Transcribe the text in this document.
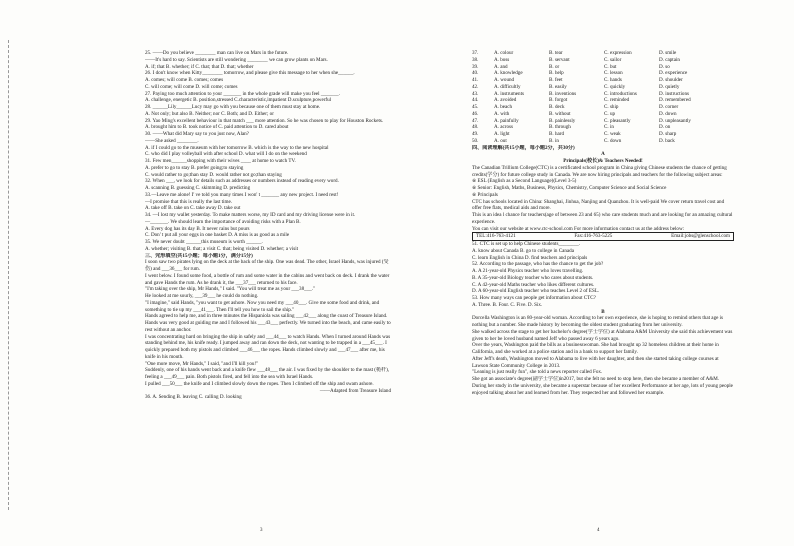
25. ——Do you believe ________ man can live on Mars in the future.
——It's hard to say. Scientists are still wondering ________ we can grow plants on Mars.
A. if; that B. whether; if C. that; that D. that; whether
26. I don't know when Kitty________ tomorrow, and please give this message to her when she______.
A. comes; will come B. comes; comes
C. will come; will come D. will come; comes
27. Paying too much attention to your _______ in the whole grade will make you feel _______.
A. challenge, energetic B. position,stressed C.characteristic,impatient D.sculpture,powerful
28. ______Lily______Lucy may go with you because one of them must stay at home.
A. Not only; but also B. Neither; nor C. Both; and D. Either; or
29. Yao Ming's excellent behaviour in that match ___ more attention. So he was chosen to play for Houston Rockets.
A. brought him to B. took notice of C. paid attention to D. cared about
30. ——What did Mary say to you just now, Alan?
——She asked ________.
A. if I could go to the museum with her tomorrow B. which is the way to the new hospital
C. who did I play volleyball with after school D. what will I do on the weekend
31. Few men______shopping with their wives ____ at home to watch TV.
A. prefer to go to stay B. prefer going;to staying
C. would rather to go;than stay D. would rather not go;than staying
32. When ___, we look for details such as addresses or numbers instead of reading every word.
A. scanning B. guessing C. skimming D. predicting
33.—Leave me alone! I' ve told you many times I won' t _______ any new project. I need rest!
—I promise that this is really the last time.
A. take off B. take on C. take away D. take out
34. —I lost my wallet yesterday. To make matters worse, my ID card and my driving license were in it.
—_______. We should learn the importance of avoiding risks with a Plan B.
A. Every dog has its day B. It never rains but pours
C. Don' t put all your eggs in one basket D. A miss is as good as a mile
35. We never doubt ______this museum is worth ______.
A. whether; visiting B. that; a visit C. that; being visited D. whether; a visit
三、完形填空(共15小题；每小题1分，满分15分)
I soon saw two pirates lying on the deck at the back of the ship. One was dead. The other, Israel Hands, was injured (受伤) and ___36___ for rum.
I went below. I found some food, a bottle of rum and some water in the cabins and went back on deck. I drank the water and gave Hands the rum. As he drank it, the ___37___ returned to his face.
"I'm taking over the ship, Mr Hands," I said. "You will treat me as your ___38___."
He looked at me sourly, ___39___ he could do nothing.
"I imagine," said Hands, "you want to get ashore. Now you need my ___40___. Give me some food and drink, and something to tie up my ___41___. Then I'll tell you how to sail the ship."
Hands agreed to help me, and in three minutes the Hispaniola was sailing ___42___ along the coast of Treasure Island. Hands was very good at guiding me and I followed his ___43___ perfectly. We turned into the beach, and came easily to rest without an anchor.
I was concentrating hard on bringing the ship in safely and ___44___ to watch Hands. When I turned around Hands was standing behind me, his knife ready. I jumped away and ran down the deck, not wanting to be trapped in a ___45___. I quickly prepared both my pistols and climbed ___46___ the ropes. Hands climbed slowly and ___47___ after me, his knife in his mouth.
"One more move, Mr Hands," I said, "and I'll kill you!"
Suddenly, one of his hands went back and a knife flew ___48___ the air. I was fixed by the shoulder to the mast (桅杆), feeling a ___49___ pain. Both pistols fired, and fell into the sea with Israel Hands.
I pulled ___50___ the knife and I climbed slowly down the ropes. Then I climbed off the ship and swam ashore.
——Adapted from Treasure Island
36. A. Sending B. leaving C. calling D. looking
3
37.	A. colour	B. tear	C. expression	D. smile
38.	A. boss	B. servant	C. sailor	D. captain
39.	A. and	B. or	C. but	D. so
40.	A. knowledge	B. help	C. lesson	D. experience
41.	A. wound	B. feet	C. hands	D. shoulder
42.	A. difficultly	B. easily	C. quickly	D. quietly
43.	A. instruments	B. inventions	C. introductions	D. instructions
44.	A. avoided	B. forgot	C. reminded	D. remembered
45.	A. beach	B. deck	C. ship	D. corner
46.	A. with	B. without	C. up	D. down
47.	A. painfully	B. painlessly	C. pleasantly	D. unpleasantly
48.	A. across	B. through	C. in	D. on
49.	A. light	B. hard	C. weak	D. sharp
50.	A. out	B. in	C. down	D. back
四、阅读理解(共15小题，每小题2分，共30分)
A
Principals(校长)& Teachers Needed!
The Canadian Trillium College(CTC) is a certificated school program in China giving Chinese students the chance of getting credits(学分) for future college study in Canada. We are now hiring principals and teachers for the following subject areas:
※ ESL (English as a Second Language)(Level 3-5)
※ Senior: English, Maths, Business, Physics, Chemistry, Computer Science and Social Science
※ Principals
CTC has schools located in China: Shanghai, Jinhua, Nanjing and Quanzhou. It is well-paid We cover return travel cost and offer free flats, medical aids and more.
This is an idea l chance for teachers(age of between 23 and 65) who care students much and are looking for an amazing cultural experience.
You can visit our website at www.ctc-school.com For more information contact us at the address below:
TEL:416-763-4121	Fax:416-763-5225	Email:jobs@glenschool.com
51. CTC is set up to help Chinese students________.
A. know about Canada B. go to college in Canada
C. learn English in China D. find teachers and principals
52. According to the passage, who has the chance to get the job?
A. A 21-year-old Physics teacher who loves travelling.
B. A 35-year-old Biology teacher who cares about students.
C. A 42-year-old Maths teacher who likes different cultures.
D. A 60-year-old English teacher who teaches Level 2 of ESL.
53. How many ways can people get information about CTC?
A. Three. B. Four. C. Five. D. Six.
B
Dorcella Washington is an 80-year-old woman. According to her own experience, she is hoping to remind others that age is nothing but a number. She made history by becoming the oldest student graduating from her university.
She walked across the stage to get her bachelor's degree(学士学位) at Alabama A&M University she said this achievement was given to her be loved husband named Jeff who passed away 6 years ago.
Over the years, Washington paid the bills as a businesswoman. She had brought up 32 homeless children at their home in California, and she worked at a police station and in a bank to support her family.
After Jeff's death, Washington moved to Alabama to live with her daughter, and then she started taking college courses at Lawson State Community College in 2013.
"Leaning is just really fun", she told a news reporter called Fox.
She got an associate's degree(副学士学位)in2017, but she felt no need to stop here, then she became a member of A&M. During her study in the university, she became a superstar because of her excellent Performance at her age, lots of young people enjoyed talking about her and learned from her. They respected her and followed her example.
4
